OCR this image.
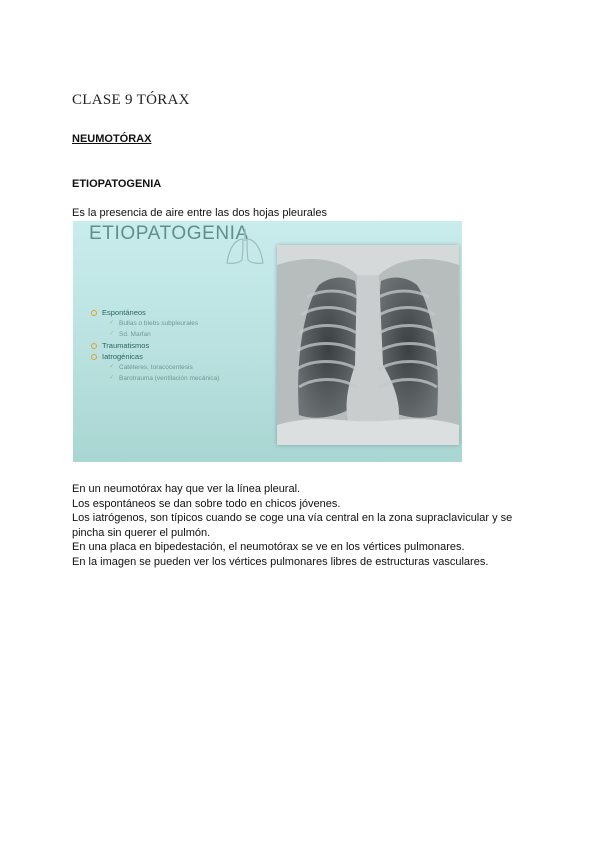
CLASE 9 TÓRAX
NEUMOTÓRAX
ETIOPATOGENIA
Es la presencia de aire entre las dos hojas pleurales
ETIOPATOGENIA
Espontáneos
✓ Bullas o blebs subpleurales
✓ Sd. Marfan
Traumatismos
Iatrogénicas
✓ Catéteres, toracocentesis
✓ Barotrauma (ventilación mecánica)

En un neumotórax hay que ver la línea pleural.

Los espontáneos se dan sobre todo en chicos jóvenes.

Los iatrógenos, son típicos cuando se coge una vía central en la zona supraclavicular y se pincha sin querer el pulmón.

En una placa en bipedestación, el neumotórax se ve en los vértices pulmonares.

En la imagen se pueden ver los vértices pulmonares libres de estructuras vasculares.
